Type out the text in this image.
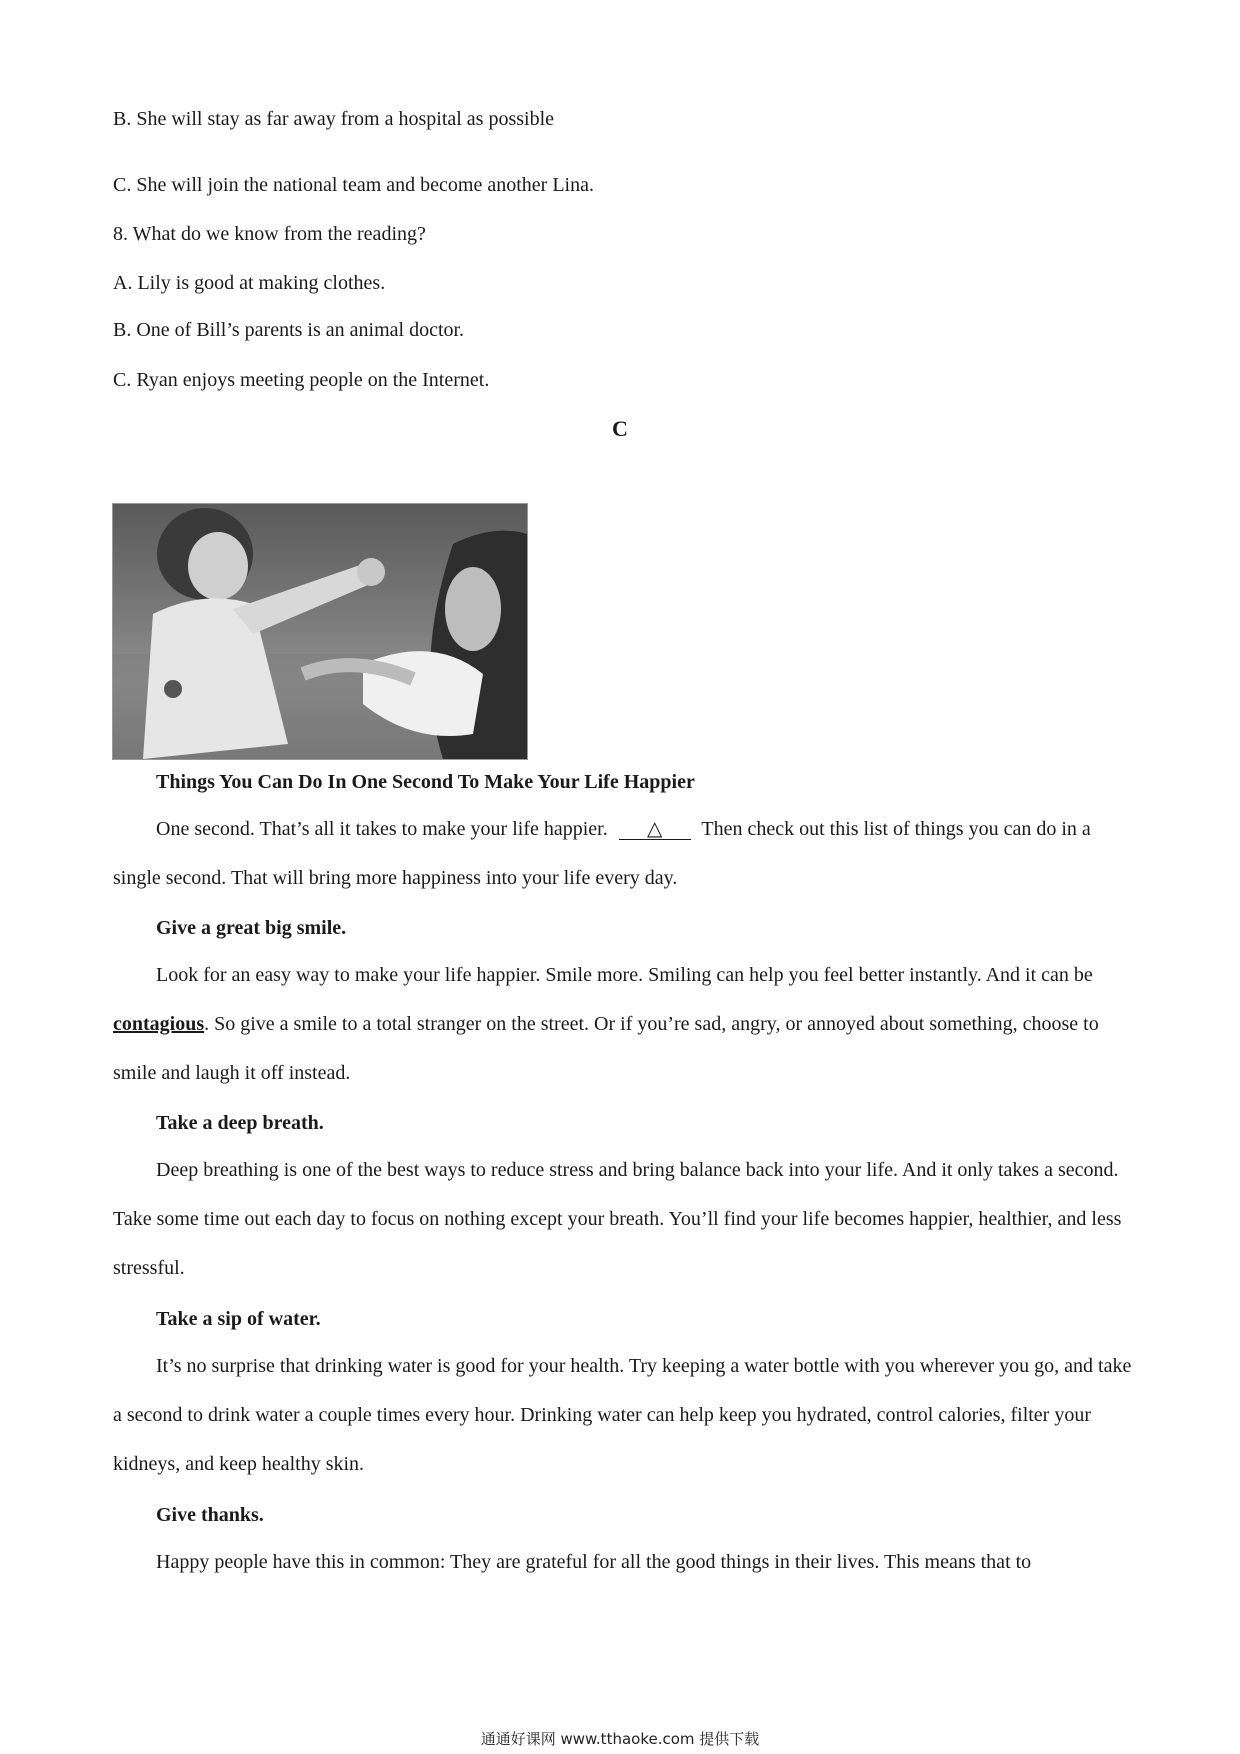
B. She will stay as far away from a hospital as possible
C. She will join the national team and become another Lina.
8. What do we know from the reading?
A. Lily is good at making clothes.
B. One of Bill’s parents is an animal doctor.
C. Ryan enjoys meeting people on the Internet.
C
Things You Can Do In One Second To Make Your Life Happier
One second. That’s all it takes to make your life happier. △ Then check out this list of things you can do in a single second. That will bring more happiness into your life every day.
Give a great big smile.
Look for an easy way to make your life happier. Smile more. Smiling can help you feel better instantly. And it can be contagious. So give a smile to a total stranger on the street. Or if you’re sad, angry, or annoyed about something, choose to smile and laugh it off instead.
Take a deep breath.
Deep breathing is one of the best ways to reduce stress and bring balance back into your life. And it only takes a second. Take some time out each day to focus on nothing except your breath. You’ll find your life becomes happier, healthier, and less stressful.
Take a sip of water.
It’s no surprise that drinking water is good for your health. Try keeping a water bottle with you wherever you go, and take a second to drink water a couple times every hour. Drinking water can help keep you hydrated, control calories, filter your kidneys, and keep healthy skin.
Give thanks.
Happy people have this in common: They are grateful for all the good things in their lives. This means that to
通通好课网 www.tthaoke.com 提供下载
